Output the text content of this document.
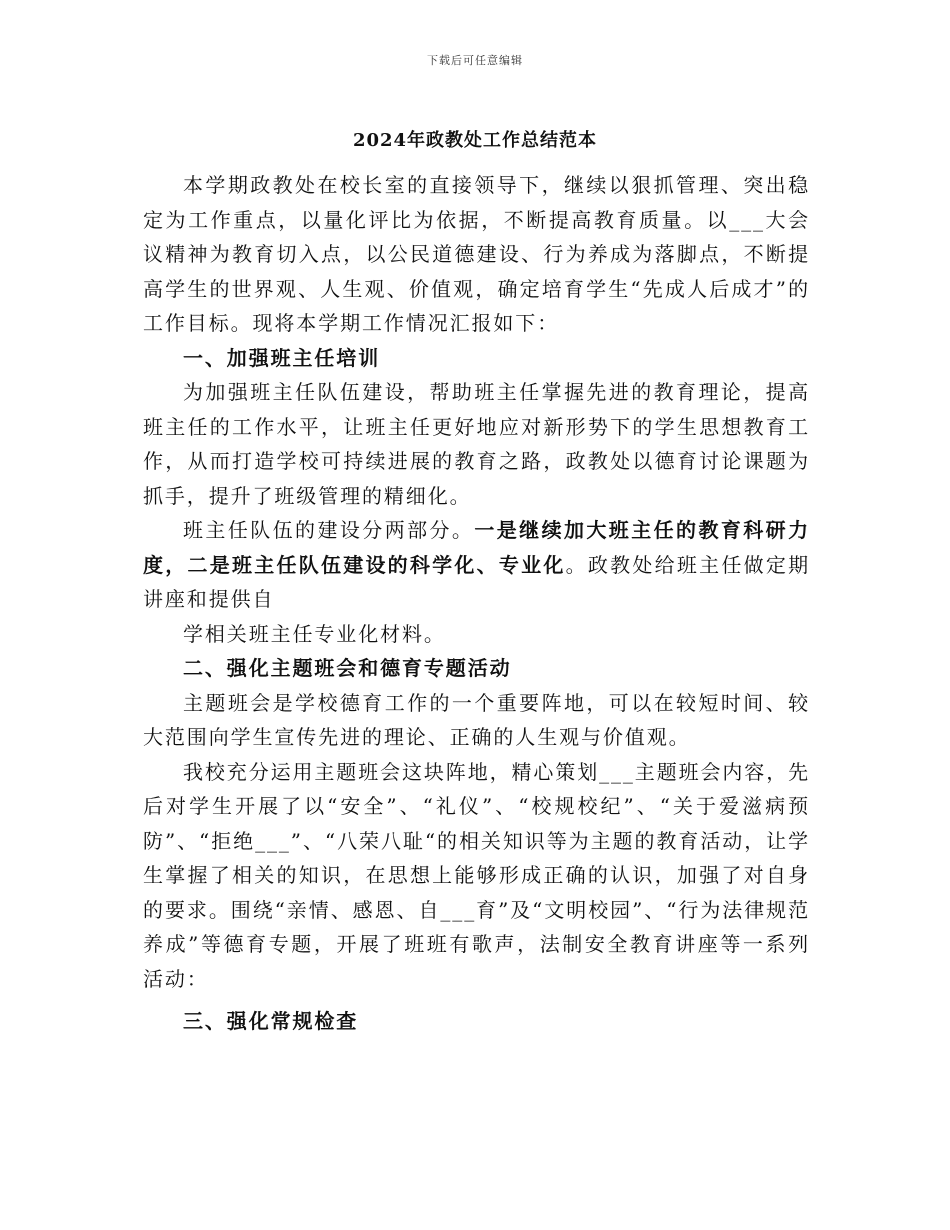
下载后可任意编辑
2024年政教处工作总结范本

本学期政教处在校长室的直接领导下，继续以狠抓管理、突出稳定为工作重点，以量化评比为依据，不断提高教育质量。以___大会议精神为教育切入点，以公民道德建设、行为养成为落脚点，不断提高学生的世界观、人生观、价值观，确定培育学生“先成人后成才”的工作目标。现将本学期工作情况汇报如下：

一、加强班主任培训

为加强班主任队伍建设，帮助班主任掌握先进的教育理论，提高班主任的工作水平，让班主任更好地应对新形势下的学生思想教育工作，从而打造学校可持续进展的教育之路，政教处以德育讨论课题为抓手，提升了班级管理的精细化。

班主任队伍的建设分两部分。一是继续加大班主任的教育科研力度，二是班主任队伍建设的科学化、专业化。政教处给班主任做定期讲座和提供自

学相关班主任专业化材料。

二、强化主题班会和德育专题活动

主题班会是学校德育工作的一个重要阵地，可以在较短时间、较大范围向学生宣传先进的理论、正确的人生观与价值观。

我校充分运用主题班会这块阵地，精心策划___主题班会内容，先后对学生开展了以“安全”、“礼仪”、“校规校纪”、“关于爱滋病预防”、“拒绝___”、“八荣八耻“的相关知识等为主题的教育活动，让学生掌握了相关的知识，在思想上能够形成正确的认识，加强了对自身的要求。围绕“亲情、感恩、自___育”及“文明校园”、“行为法律规范养成”等德育专题，开展了班班有歌声，法制安全教育讲座等一系列活动：

三、强化常规检查
